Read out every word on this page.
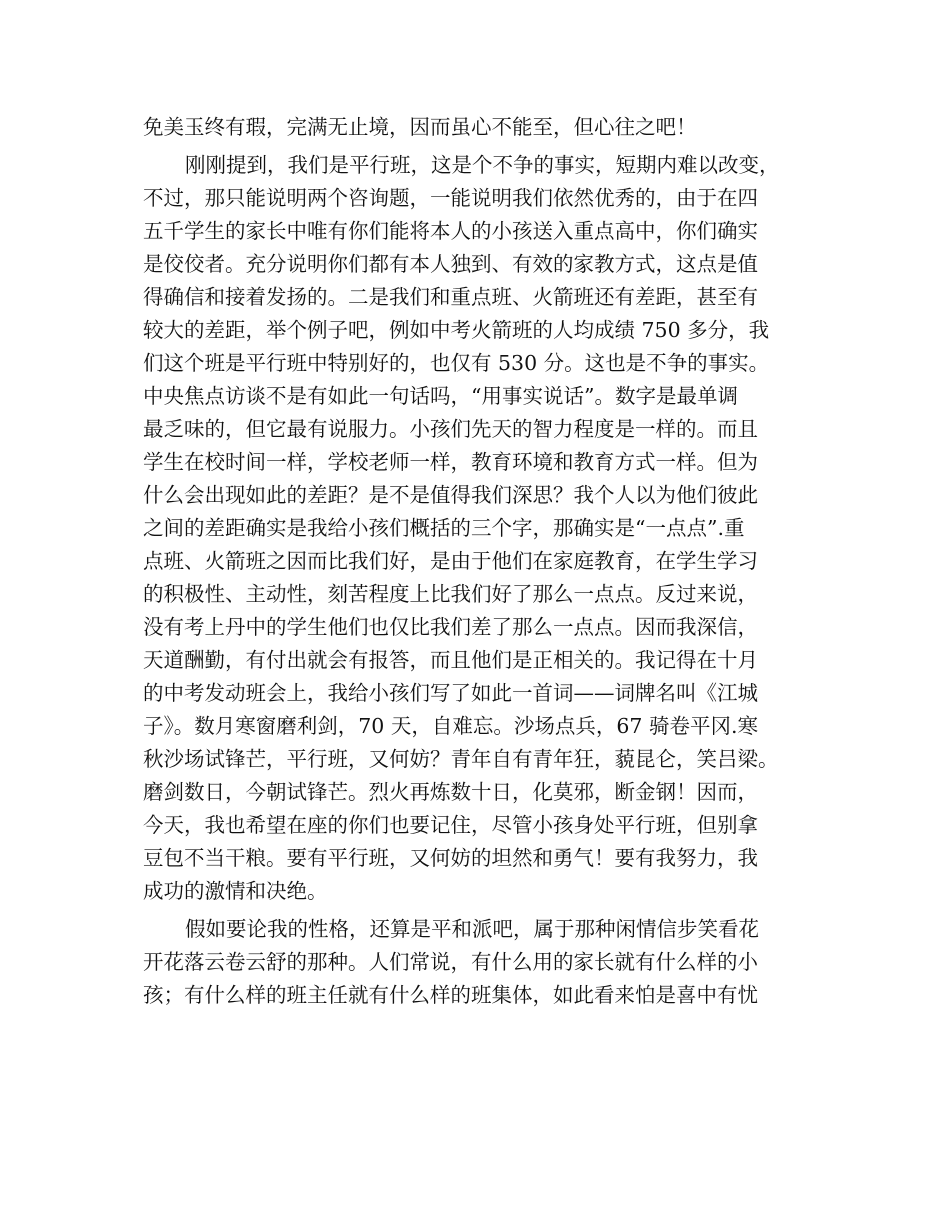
免美玉终有瑕，完满无止境，因而虽心不能至，但心往之吧！
刚刚提到，我们是平行班，这是个不争的事实，短期内难以改变，
不过，那只能说明两个咨询题，一能说明我们依然优秀的，由于在四
五千学生的家长中唯有你们能将本人的小孩送入重点高中，你们确实
是佼佼者。充分说明你们都有本人独到、有效的家教方式，这点是值
得确信和接着发扬的。二是我们和重点班、火箭班还有差距，甚至有
较大的差距，举个例子吧，例如中考火箭班的人均成绩 750 多分，我
们这个班是平行班中特别好的，也仅有 530 分。这也是不争的事实。
中央焦点访谈不是有如此一句话吗，“用事实说话”。数字是最单调
最乏味的，但它最有说服力。小孩们先天的智力程度是一样的。而且
学生在校时间一样，学校老师一样，教育环境和教育方式一样。但为
什么会出现如此的差距？是不是值得我们深思？我个人以为他们彼此
之间的差距确实是我给小孩们概括的三个字，那确实是“一点点”.重
点班、火箭班之因而比我们好，是由于他们在家庭教育，在学生学习
的积极性、主动性，刻苦程度上比我们好了那么一点点。反过来说，
没有考上丹中的学生他们也仅比我们差了那么一点点。因而我深信，
天道酬勤，有付出就会有报答，而且他们是正相关的。我记得在十月
的中考发动班会上，我给小孩们写了如此一首词——词牌名叫《江城
子》。数月寒窗磨利剑，70 天，自难忘。沙场点兵，67 骑卷平冈.寒
秋沙场试锋芒，平行班，又何妨？青年自有青年狂，藐昆仑，笑吕梁。
磨剑数日，今朝试锋芒。烈火再炼数十日，化莫邪，断金钢！因而，
今天，我也希望在座的你们也要记住，尽管小孩身处平行班，但别拿
豆包不当干粮。要有平行班，又何妨的坦然和勇气！要有我努力，我
成功的激情和决绝。
假如要论我的性格，还算是平和派吧，属于那种闲情信步笑看花
开花落云卷云舒的那种。人们常说，有什么用的家长就有什么样的小
孩；有什么样的班主任就有什么样的班集体，如此看来怕是喜中有忧
